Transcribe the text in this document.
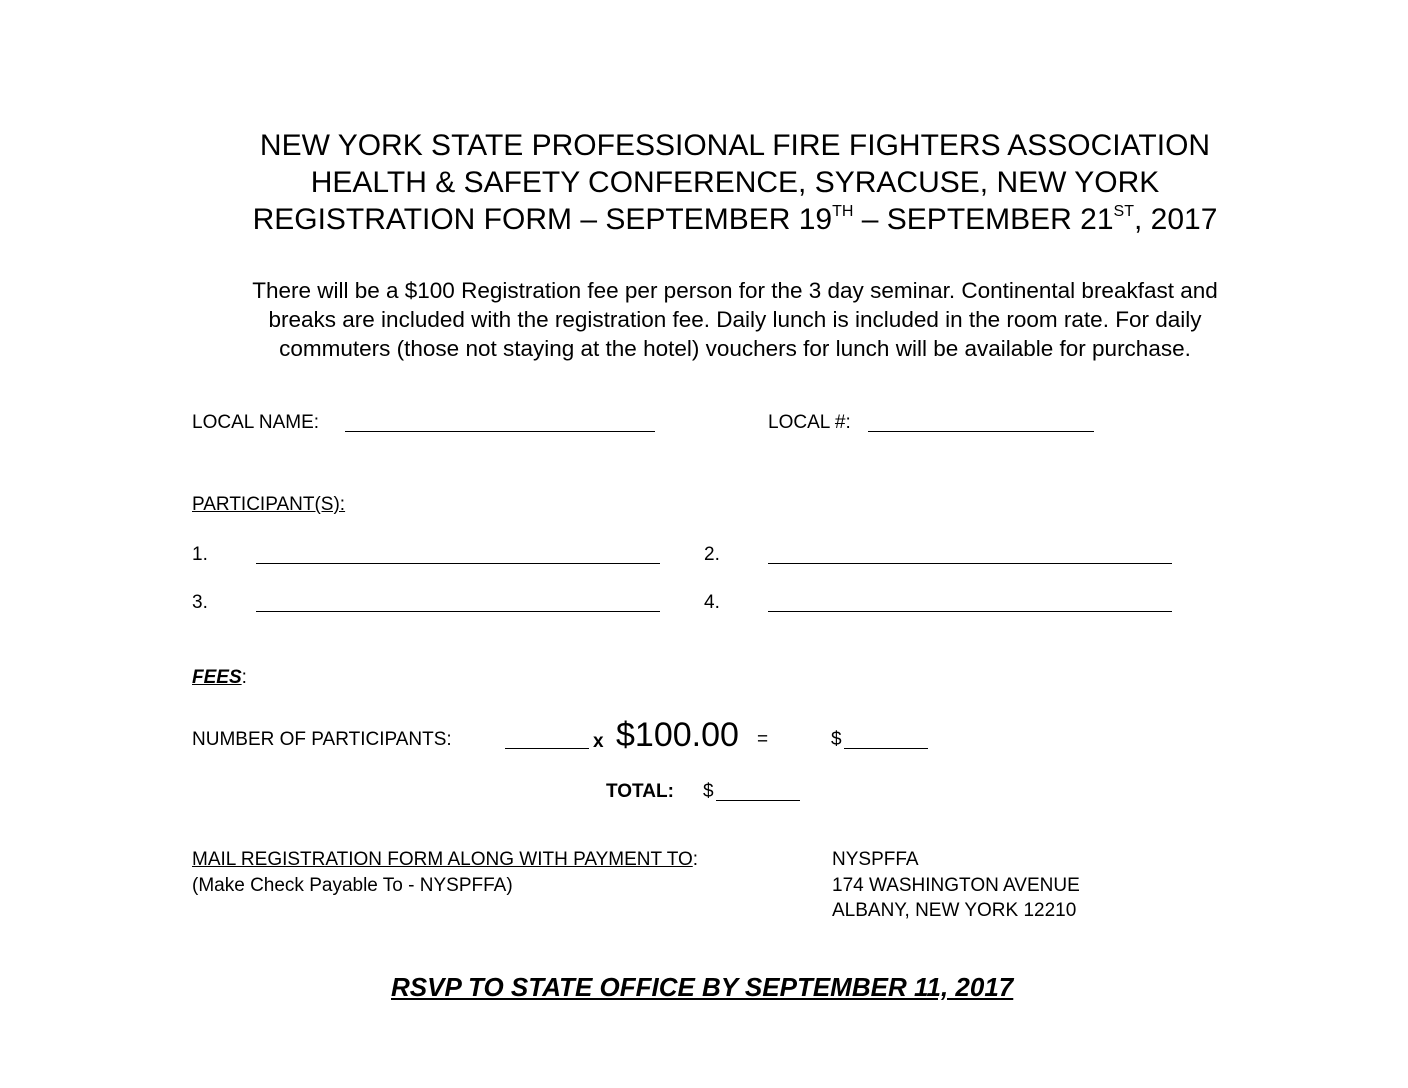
NEW YORK STATE PROFESSIONAL FIRE FIGHTERS ASSOCIATION
HEALTH & SAFETY CONFERENCE, SYRACUSE, NEW YORK
REGISTRATION FORM – SEPTEMBER 19TH – SEPTEMBER 21ST, 2017
There will be a $100 Registration fee per person for the 3 day seminar. Continental breakfast and
breaks are included with the registration fee. Daily lunch is included in the room rate. For daily
commuters (those not staying at the hotel) vouchers for lunch will be available for purchase.
LOCAL NAME:	LOCAL #:
PARTICIPANT(S):
1.	2.
3.	4.
FEES:
NUMBER OF PARTICIPANTS:	x $100.00 =	$
TOTAL: $
MAIL REGISTRATION FORM ALONG WITH PAYMENT TO:
(Make Check Payable To - NYSPFFA)
NYSPFFA
174 WASHINGTON AVENUE
ALBANY, NEW YORK 12210
RSVP TO STATE OFFICE BY SEPTEMBER 11, 2017
